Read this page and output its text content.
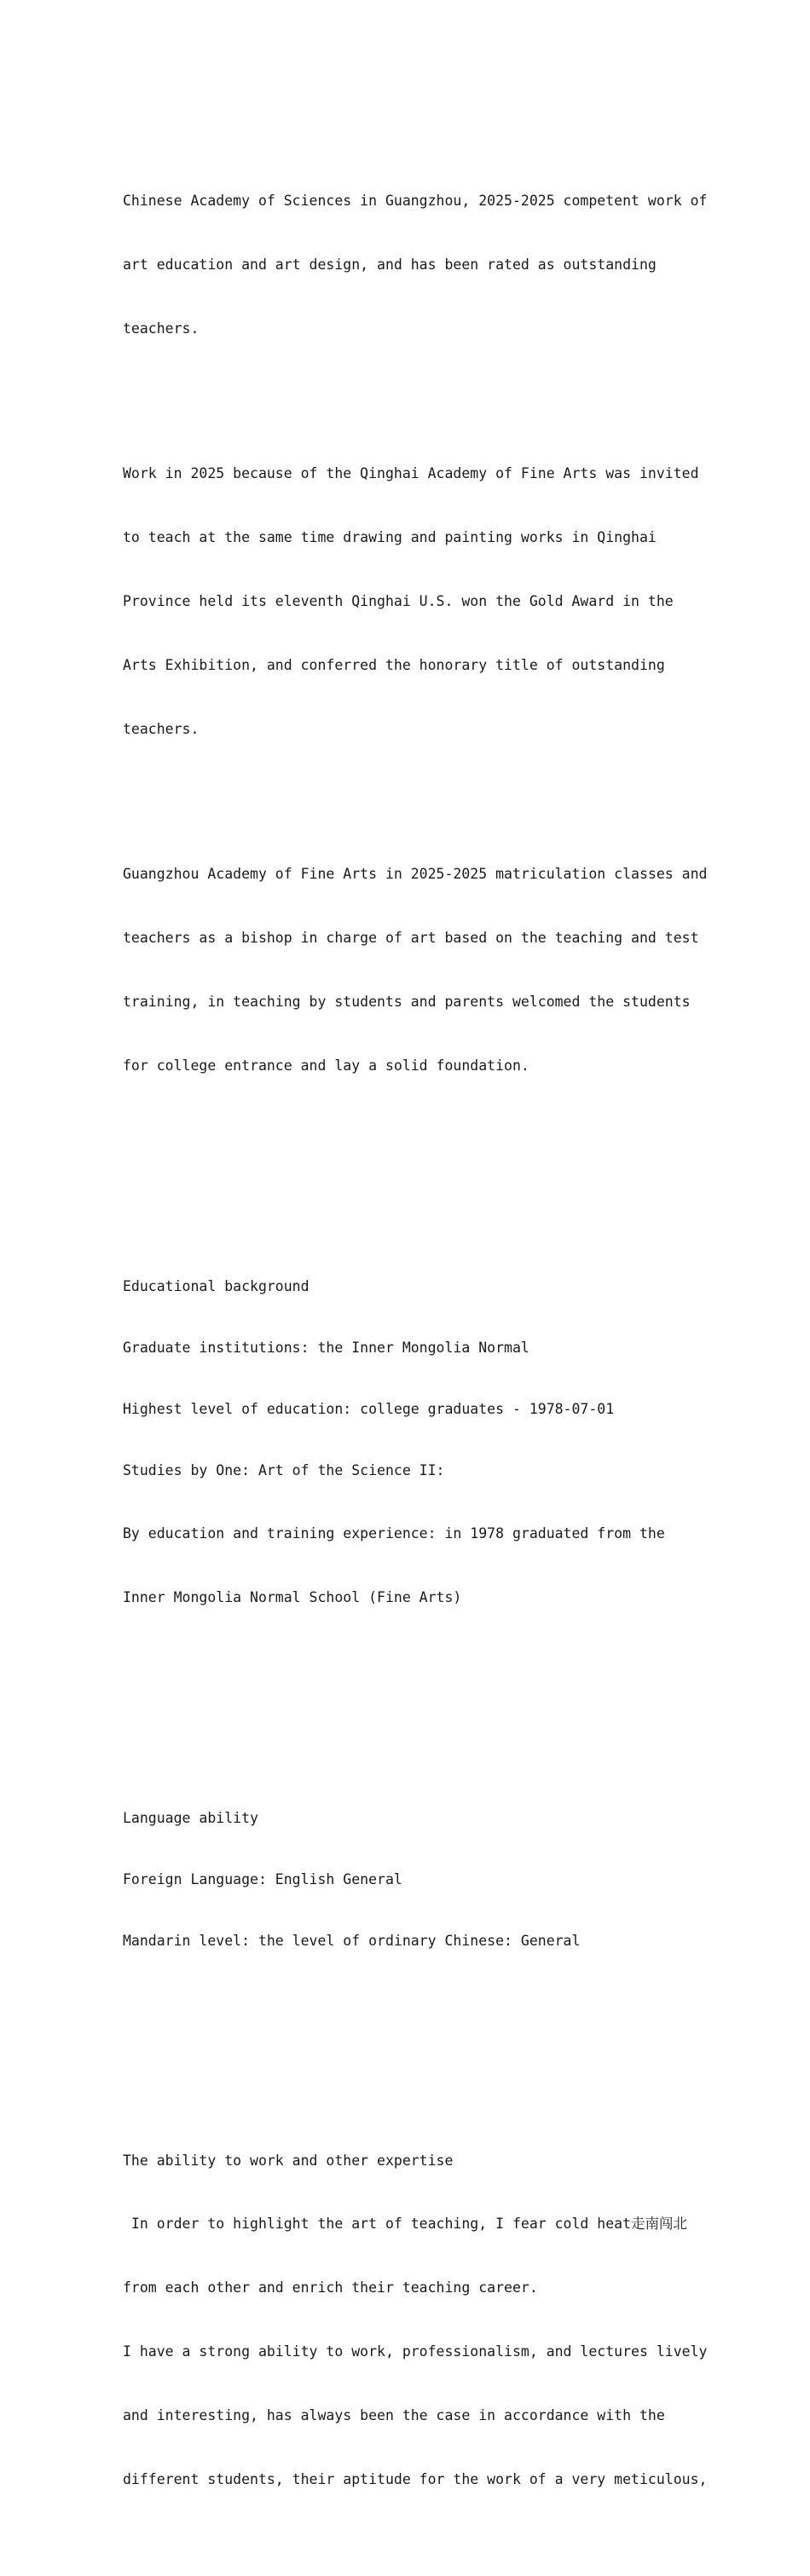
Chinese Academy of Sciences in Guangzhou, 2025-2025 competent work of

art education and art design, and has been rated as outstanding

teachers.

Work in 2025 because of the Qinghai Academy of Fine Arts was invited

to teach at the same time drawing and painting works in Qinghai

Province held its eleventh Qinghai U.S. won the Gold Award in the

Arts Exhibition, and conferred the honorary title of outstanding

teachers.

Guangzhou Academy of Fine Arts in 2025-2025 matriculation classes and

teachers as a bishop in charge of art based on the teaching and test

training, in teaching by students and parents welcomed the students

for college entrance and lay a solid foundation.

Educational background

Graduate institutions: the Inner Mongolia Normal

Highest level of education: college graduates - 1978-07-01

Studies by One: Art of the Science II:

By education and training experience: in 1978 graduated from the

Inner Mongolia Normal School (Fine Arts)

Language ability

Foreign Language: English General

Mandarin level: the level of ordinary Chinese: General

The ability to work and other expertise

In order to highlight the art of teaching, I fear cold heat走南闯北

from each other and enrich their teaching career.

I have a strong ability to work, professionalism, and lectures lively

and interesting, has always been the case in accordance with the

different students, their aptitude for the work of a very meticulous,
